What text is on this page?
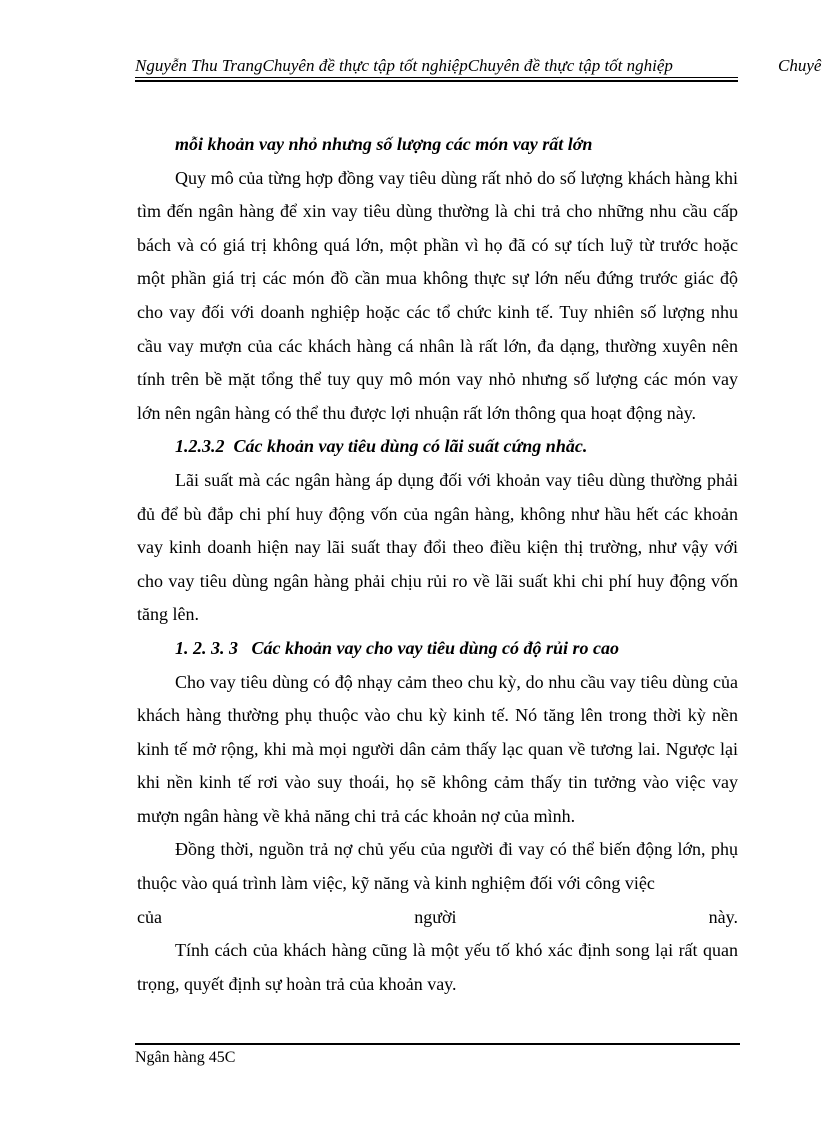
Nguyễn Thu TrangChuyên đề thực tập tốt nghiệpChuyên đề thực tập tốt nghiệp	Chuyê

mỗi khoản vay nhỏ nhưng số lượng các món vay rất lớn

Quy mô của từng hợp đồng vay tiêu dùng rất nhỏ do số lượng khách hàng khi tìm đến ngân hàng để xin vay tiêu dùng thường là chi trả cho những nhu cầu cấp bách và có giá trị không quá lớn, một phần vì họ đã có sự tích luỹ từ trước hoặc một phần giá trị các món đồ cần mua không thực sự lớn nếu đứng trước giác độ cho vay đối với doanh nghiệp hoặc các tổ chức kinh tế. Tuy nhiên số lượng nhu cầu vay mượn của các khách hàng cá nhân là rất lớn, đa dạng, thường xuyên nên tính trên bề mặt tổng thể tuy quy mô món vay nhỏ nhưng số lượng các món vay lớn nên ngân hàng có thể thu được lợi nhuận rất lớn thông qua hoạt động này.

1.2.3.2 Các khoản vay tiêu dùng có lãi suất cứng nhắc.

Lãi suất mà các ngân hàng áp dụng đối với khoản vay tiêu dùng thường phải đủ để bù đắp chi phí huy động vốn của ngân hàng, không như hầu hết các khoản vay kinh doanh hiện nay lãi suất thay đổi theo điều kiện thị trường, như vậy với cho vay tiêu dùng ngân hàng phải chịu rủi ro về lãi suất khi chi phí huy động vốn tăng lên.

1. 2. 3. 3 Các khoản vay cho vay tiêu dùng có độ rủi ro cao

Cho vay tiêu dùng có độ nhạy cảm theo chu kỳ, do nhu cầu vay tiêu dùng của khách hàng thường phụ thuộc vào chu kỳ kinh tế. Nó tăng lên trong thời kỳ nền kinh tế mở rộng, khi mà mọi người dân cảm thấy lạc quan về tương lai. Ngược lại khi nền kinh tế rơi vào suy thoái, họ sẽ không cảm thấy tin tưởng vào việc vay mượn ngân hàng về khả năng chi trả các khoản nợ của mình.

Đồng thời, nguồn trả nợ chủ yếu của người đi vay có thể biến động lớn, phụ thuộc vào quá trình làm việc, kỹ năng và kinh nghiệm đối với công việc

của	người	này.

Tính cách của khách hàng cũng là một yếu tố khó xác định song lại rất quan trọng, quyết định sự hoàn trả của khoản vay.

Ngân hàng 45C
